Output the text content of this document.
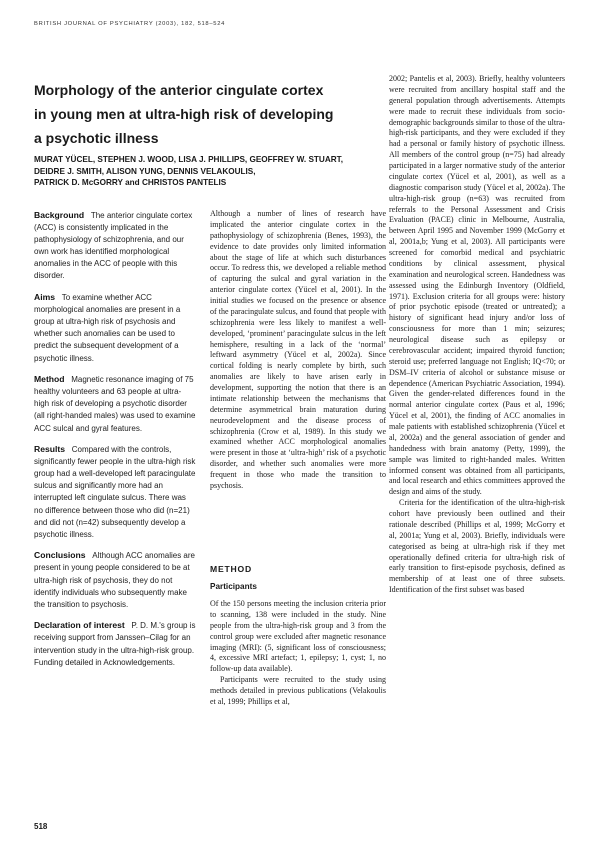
BRITISH JOURNAL OF PSYCHIATRY (2003), 182, 518–524
Morphology of the anterior cingulate cortex
in young men at ultra-high risk of developing
a psychotic illness
MURAT YÜCEL, STEPHEN J. WOOD, LISA J. PHILLIPS, GEOFFREY W. STUART,
DEIDRE J. SMITH, ALISON YUNG, DENNIS VELAKOULIS,
PATRICK D. McGORRY and CHRISTOS PANTELIS

Background The anterior cingulate cortex (ACC) is consistently implicated in the pathophysiology of schizophrenia, and our own work has identified morphological anomalies in the ACC of people with this disorder.

Aims To examine whether ACC morphological anomalies are present in a group at ultra-high risk of psychosis and whether such anomalies can be used to predict the subsequent development of a psychotic illness.

Method Magnetic resonance imaging of 75 healthy volunteers and 63 people at ultra-high risk of developing a psychotic disorder (all right-handed males) was used to examine ACC sulcal and gyral features.

Results Compared with the controls, significantly fewer people in the ultra-high risk group had a well-developed left paracingulate sulcus and significantly more had an interrupted left cingulate sulcus. There was no difference between those who did (n=21) and did not (n=42) subsequently develop a psychotic illness.

Conclusions Although ACC anomalies are present in young people considered to be at ultra-high risk of psychosis, they do not identify individuals who subsequently make the transition to psychosis.

Declaration of interest P. D. M.'s group is receiving support from Janssen–Cilag for an intervention study in the ultra-high-risk group. Funding detailed in Acknowledgements.

Although a number of lines of research have implicated the anterior cingulate cortex in the pathophysiology of schizophrenia (Benes, 1993), the evidence to date provides only limited information about the stage of life at which such disturbances occur. To redress this, we developed a reliable method of capturing the sulcal and gyral variation in the anterior cingulate cortex (Yücel et al, 2001). In the initial studies we focused on the presence or absence of the paracingulate sulcus, and found that people with schizophrenia were less likely to manifest a well-developed, ‘prominent’ paracingulate sulcus in the left hemisphere, resulting in a lack of the ‘normal’ leftward asymmetry (Yücel et al, 2002a). Since cortical folding is nearly complete by birth, such anomalies are likely to have arisen early in development, supporting the notion that there is an intimate relationship between the mechanisms that determine asymmetrical brain maturation during neurodevelopment and the disease process of schizophrenia (Crow et al, 1989). In this study we examined whether ACC morphological anomalies were present in those at ‘ultra-high’ risk of a psychotic disorder, and whether such anomalies were more frequent in those who made the transition to psychosis.

METHOD
Participants

Of the 150 persons meeting the inclusion criteria prior to scanning, 138 were included in the study. Nine people from the ultra-high-risk group and 3 from the control group were excluded after magnetic resonance imaging (MRI): (5, significant loss of consciousness; 4, excessive MRI artefact; 1, epilepsy; 1, cyst; 1, no follow-up data available).

Participants were recruited to the study using methods detailed in previous publications (Velakoulis et al, 1999; Phillips et al,

2002; Pantelis et al, 2003). Briefly, healthy volunteers were recruited from ancillary hospital staff and the general population through advertisements. Attempts were made to recruit these individuals from socio-demographic backgrounds similar to those of the ultra-high-risk participants, and they were excluded if they had a personal or family history of psychotic illness. All members of the control group (n=75) had already participated in a larger normative study of the anterior cingulate cortex (Yücel et al, 2001), as well as a diagnostic comparison study (Yücel et al, 2002a). The ultra-high-risk group (n=63) was recruited from referrals to the Personal Assessment and Crisis Evaluation (PACE) clinic in Melbourne, Australia, between April 1995 and November 1999 (McGorry et al, 2001a,b; Yung et al, 2003). All participants were screened for comorbid medical and psychiatric conditions by clinical assessment, physical examination and neurological screen. Handedness was assessed using the Edinburgh Inventory (Oldfield, 1971). Exclusion criteria for all groups were: history of prior psychotic episode (treated or untreated); a history of significant head injury and/or loss of consciousness for more than 1 min; seizures; neurological disease such as epilepsy or cerebrovascular accident; impaired thyroid function; steroid use; preferred language not English; IQ<70; or DSM–IV criteria of alcohol or substance misuse or dependence (American Psychiatric Association, 1994). Given the gender-related differences found in the normal anterior cingulate cortex (Paus et al, 1996; Yücel et al, 2001), the finding of ACC anomalies in male patients with established schizophrenia (Yücel et al, 2002a) and the general association of gender and handedness with brain anatomy (Petty, 1999), the sample was limited to right-handed males. Written informed consent was obtained from all participants, and local research and ethics committees approved the design and aims of the study.

Criteria for the identification of the ultra-high-risk cohort have previously been outlined and their rationale described (Phillips et al, 1999; McGorry et al, 2001a; Yung et al, 2003). Briefly, individuals were categorised as being at ultra-high risk if they met operationally defined criteria for ultra-high risk of early transition to first-episode psychosis, defined as membership of at least one of three subsets. Identification of the first subset was based

518
